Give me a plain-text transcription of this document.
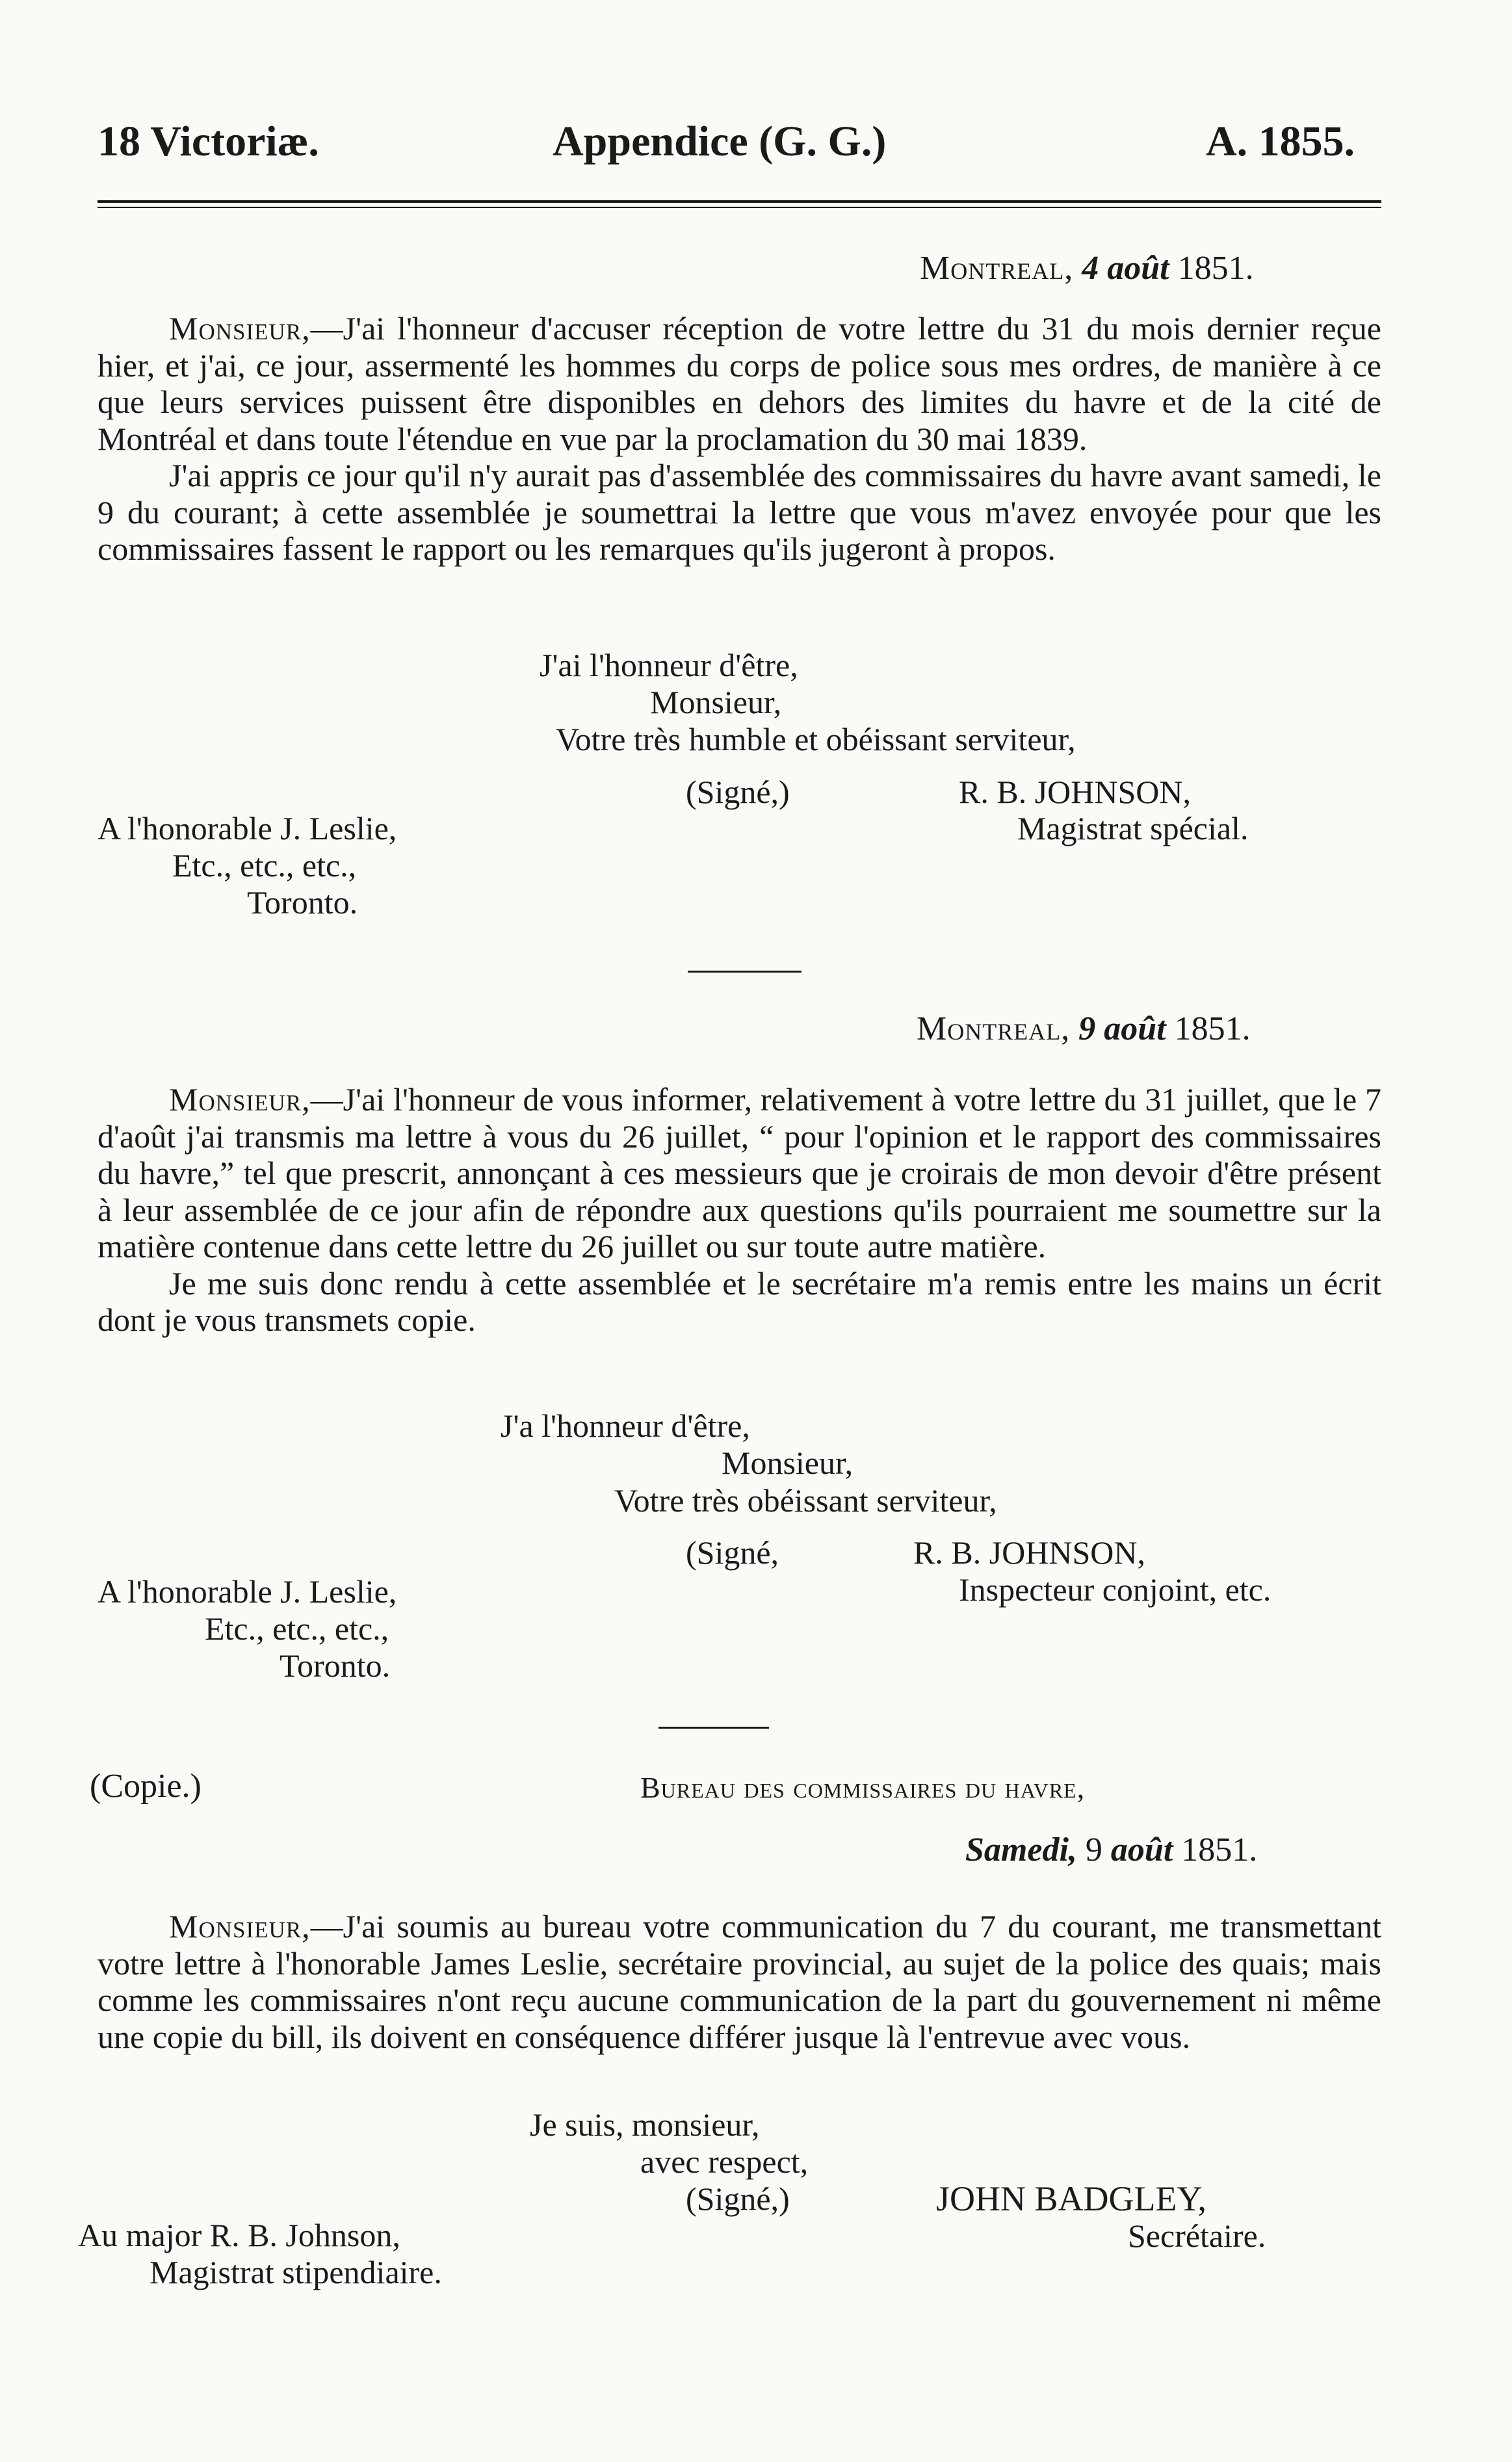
18 Victoriæ.	Appendice (G. G.)	A. 1855.
Montreal, 4 août 1851.

Monsieur,—J'ai l'honneur d'accuser réception de votre lettre du 31 du mois dernier reçue hier, et j'ai, ce jour, assermenté les hommes du corps de police sous mes ordres, de manière à ce que leurs services puissent être disponibles en dehors des limites du havre et de la cité de Montréal et dans toute l'étendue en vue par la proclamation du 30 mai 1839.

J'ai appris ce jour qu'il n'y aurait pas d'assemblée des commissaires du havre avant samedi, le 9 du courant; à cette assemblée je soumettrai la lettre que vous m'avez envoyée pour que les commissaires fassent le rapport ou les remarques qu'ils jugeront à propos.

J'ai l'honneur d'être,
Monsieur,
Votre très humble et obéissant serviteur,
(Signé,)	R. B. JOHNSON,
Magistrat spécial.
A l'honorable J. Leslie,
Etc., etc., etc.,
Toronto.
Montreal, 9 août 1851.

Monsieur,—J'ai l'honneur de vous informer, relativement à votre lettre du 31 juillet, que le 7 d'août j'ai transmis ma lettre à vous du 26 juillet, “ pour l'opinion et le rapport des commissaires du havre,” tel que prescrit, annonçant à ces messieurs que je croirais de mon devoir d'être présent à leur assemblée de ce jour afin de répondre aux questions qu'ils pourraient me soumettre sur la matière contenue dans cette lettre du 26 juillet ou sur toute autre matière.

Je me suis donc rendu à cette assemblée et le secrétaire m'a remis entre les mains un écrit dont je vous transmets copie.

J'a l'honneur d'être,
Monsieur,
Votre très obéissant serviteur,
(Signé,	R. B. JOHNSON,
Inspecteur conjoint, etc.
A l'honorable J. Leslie,
Etc., etc., etc.,
Toronto.
(Copie.)	Bureau des commissaires du havre,
Samedi, 9 août 1851.

Monsieur,—J'ai soumis au bureau votre communication du 7 du courant, me transmettant votre lettre à l'honorable James Leslie, secrétaire provincial, au sujet de la police des quais; mais comme les commissaires n'ont reçu aucune communication de la part du gouvernement ni même une copie du bill, ils doivent en conséquence différer jusque là l'entrevue avec vous.

Je suis, monsieur,
avec respect,
(Signé,)	JOHN BADGLEY,
Secrétaire.
Au major R. B. Johnson,
Magistrat stipendiaire.
